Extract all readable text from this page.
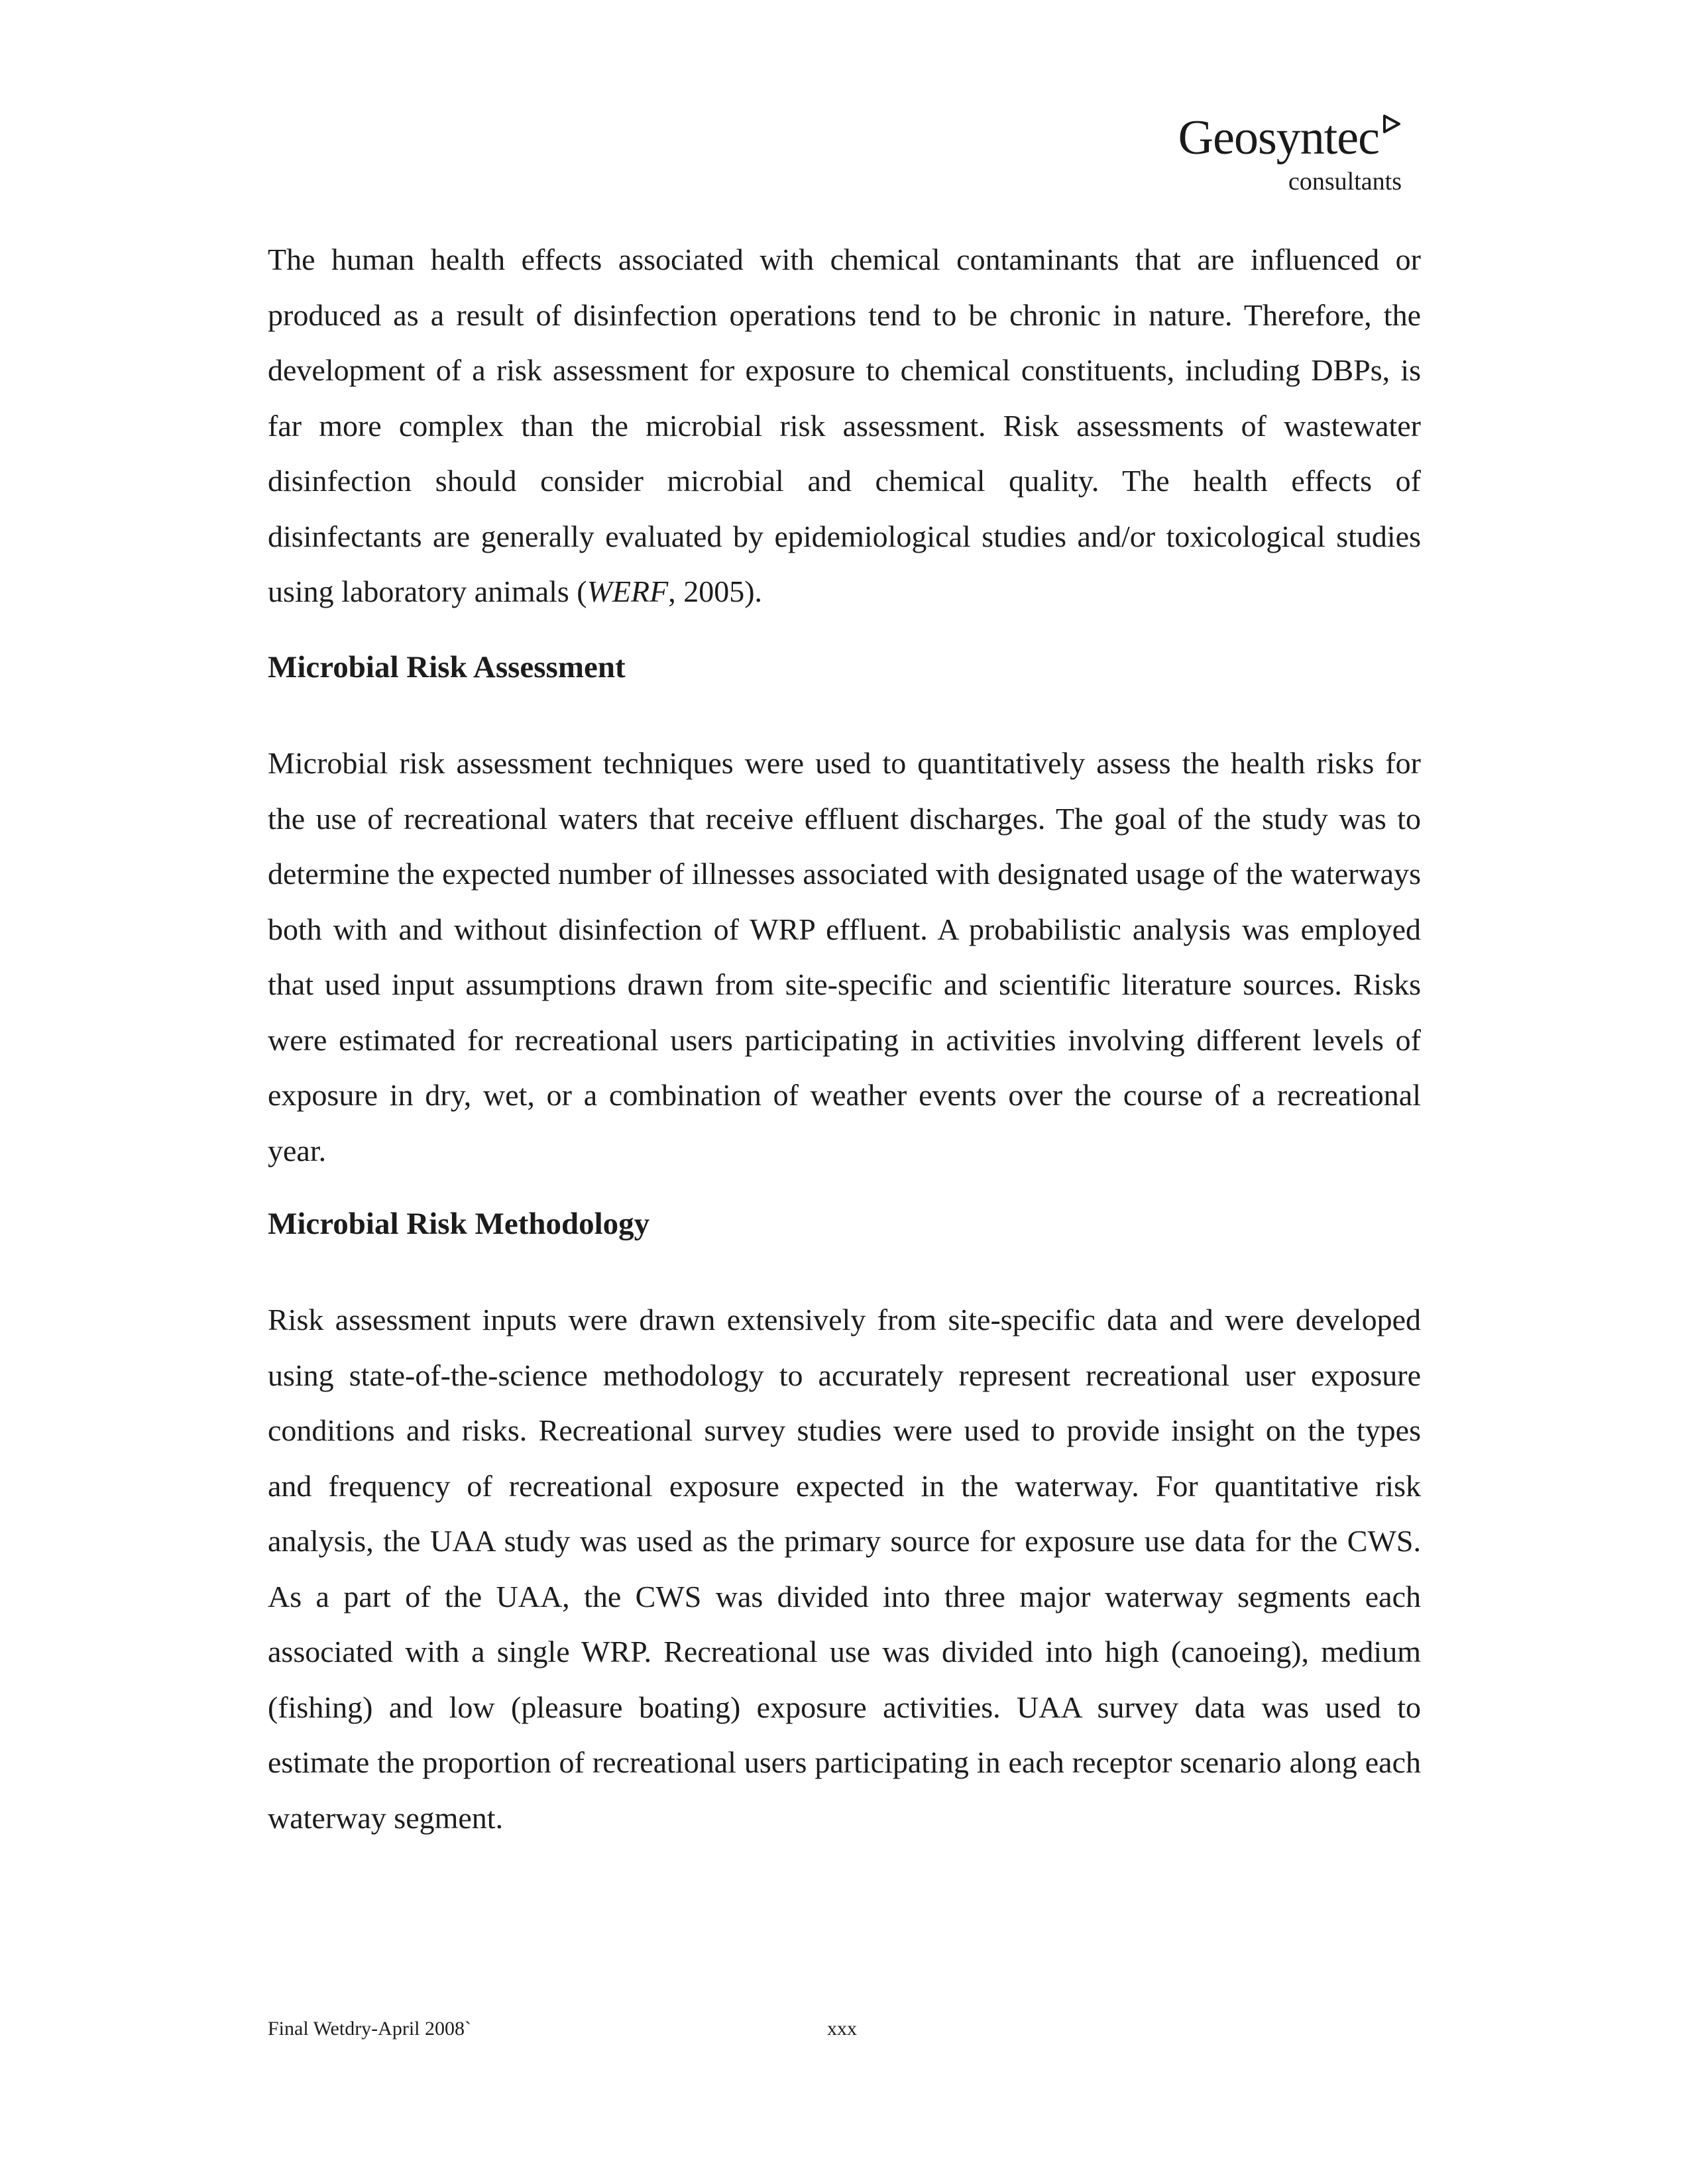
Geosyntec
consultants

The human health effects associated with chemical contaminants that are influenced or produced as a result of disinfection operations tend to be chronic in nature. Therefore, the development of a risk assessment for exposure to chemical constituents, including DBPs, is far more complex than the microbial risk assessment. Risk assessments of wastewater disinfection should consider microbial and chemical quality. The health effects of disinfectants are generally evaluated by epidemiological studies and/or toxicological studies using laboratory animals (WERF, 2005).

Microbial Risk Assessment

Microbial risk assessment techniques were used to quantitatively assess the health risks for the use of recreational waters that receive effluent discharges. The goal of the study was to determine the expected number of illnesses associated with designated usage of the waterways both with and without disinfection of WRP effluent. A probabilistic analysis was employed that used input assumptions drawn from site-specific and scientific literature sources. Risks were estimated for recreational users participating in activities involving different levels of exposure in dry, wet, or a combination of weather events over the course of a recreational year.

Microbial Risk Methodology

Risk assessment inputs were drawn extensively from site-specific data and were developed using state-of-the-science methodology to accurately represent recreational user exposure conditions and risks. Recreational survey studies were used to provide insight on the types and frequency of recreational exposure expected in the waterway. For quantitative risk analysis, the UAA study was used as the primary source for exposure use data for the CWS. As a part of the UAA, the CWS was divided into three major waterway segments each associated with a single WRP. Recreational use was divided into high (canoeing), medium (fishing) and low (pleasure boating) exposure activities. UAA survey data was used to estimate the proportion of recreational users participating in each receptor scenario along each waterway segment.

Final Wetdry-April 2008`	xxx
